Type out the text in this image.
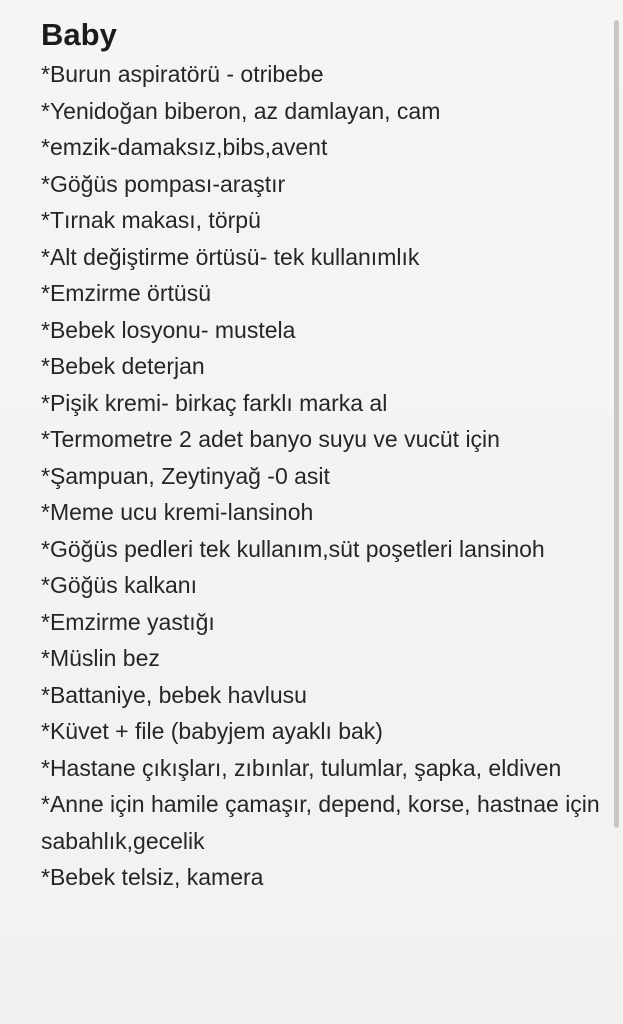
Baby
*Burun aspiratörü - otribebe
*Yenidoğan biberon, az damlayan, cam
*emzik-damaksız,bibs,avent
*Göğüs pompası-araştır
*Tırnak makası, törpü
*Alt değiştirme örtüsü- tek kullanımlık
*Emzirme örtüsü
*Bebek losyonu- mustela
*Bebek deterjan
*Pişik kremi- birkaç farklı marka al
*Termometre 2 adet banyo suyu ve vucüt için
*Şampuan, Zeytinyağ -0 asit
*Meme ucu kremi-lansinoh
*Göğüs pedleri tek kullanım,süt poşetleri lansinoh
*Göğüs kalkanı
*Emzirme yastığı
*Müslin bez
*Battaniye, bebek havlusu
*Küvet + file (babyjem ayaklı bak)
*Hastane çıkışları, zıbınlar, tulumlar, şapka, eldiven
*Anne için hamile çamaşır, depend, korse, hastnae için sabahlık,gecelik
*Bebek telsiz, kamera
